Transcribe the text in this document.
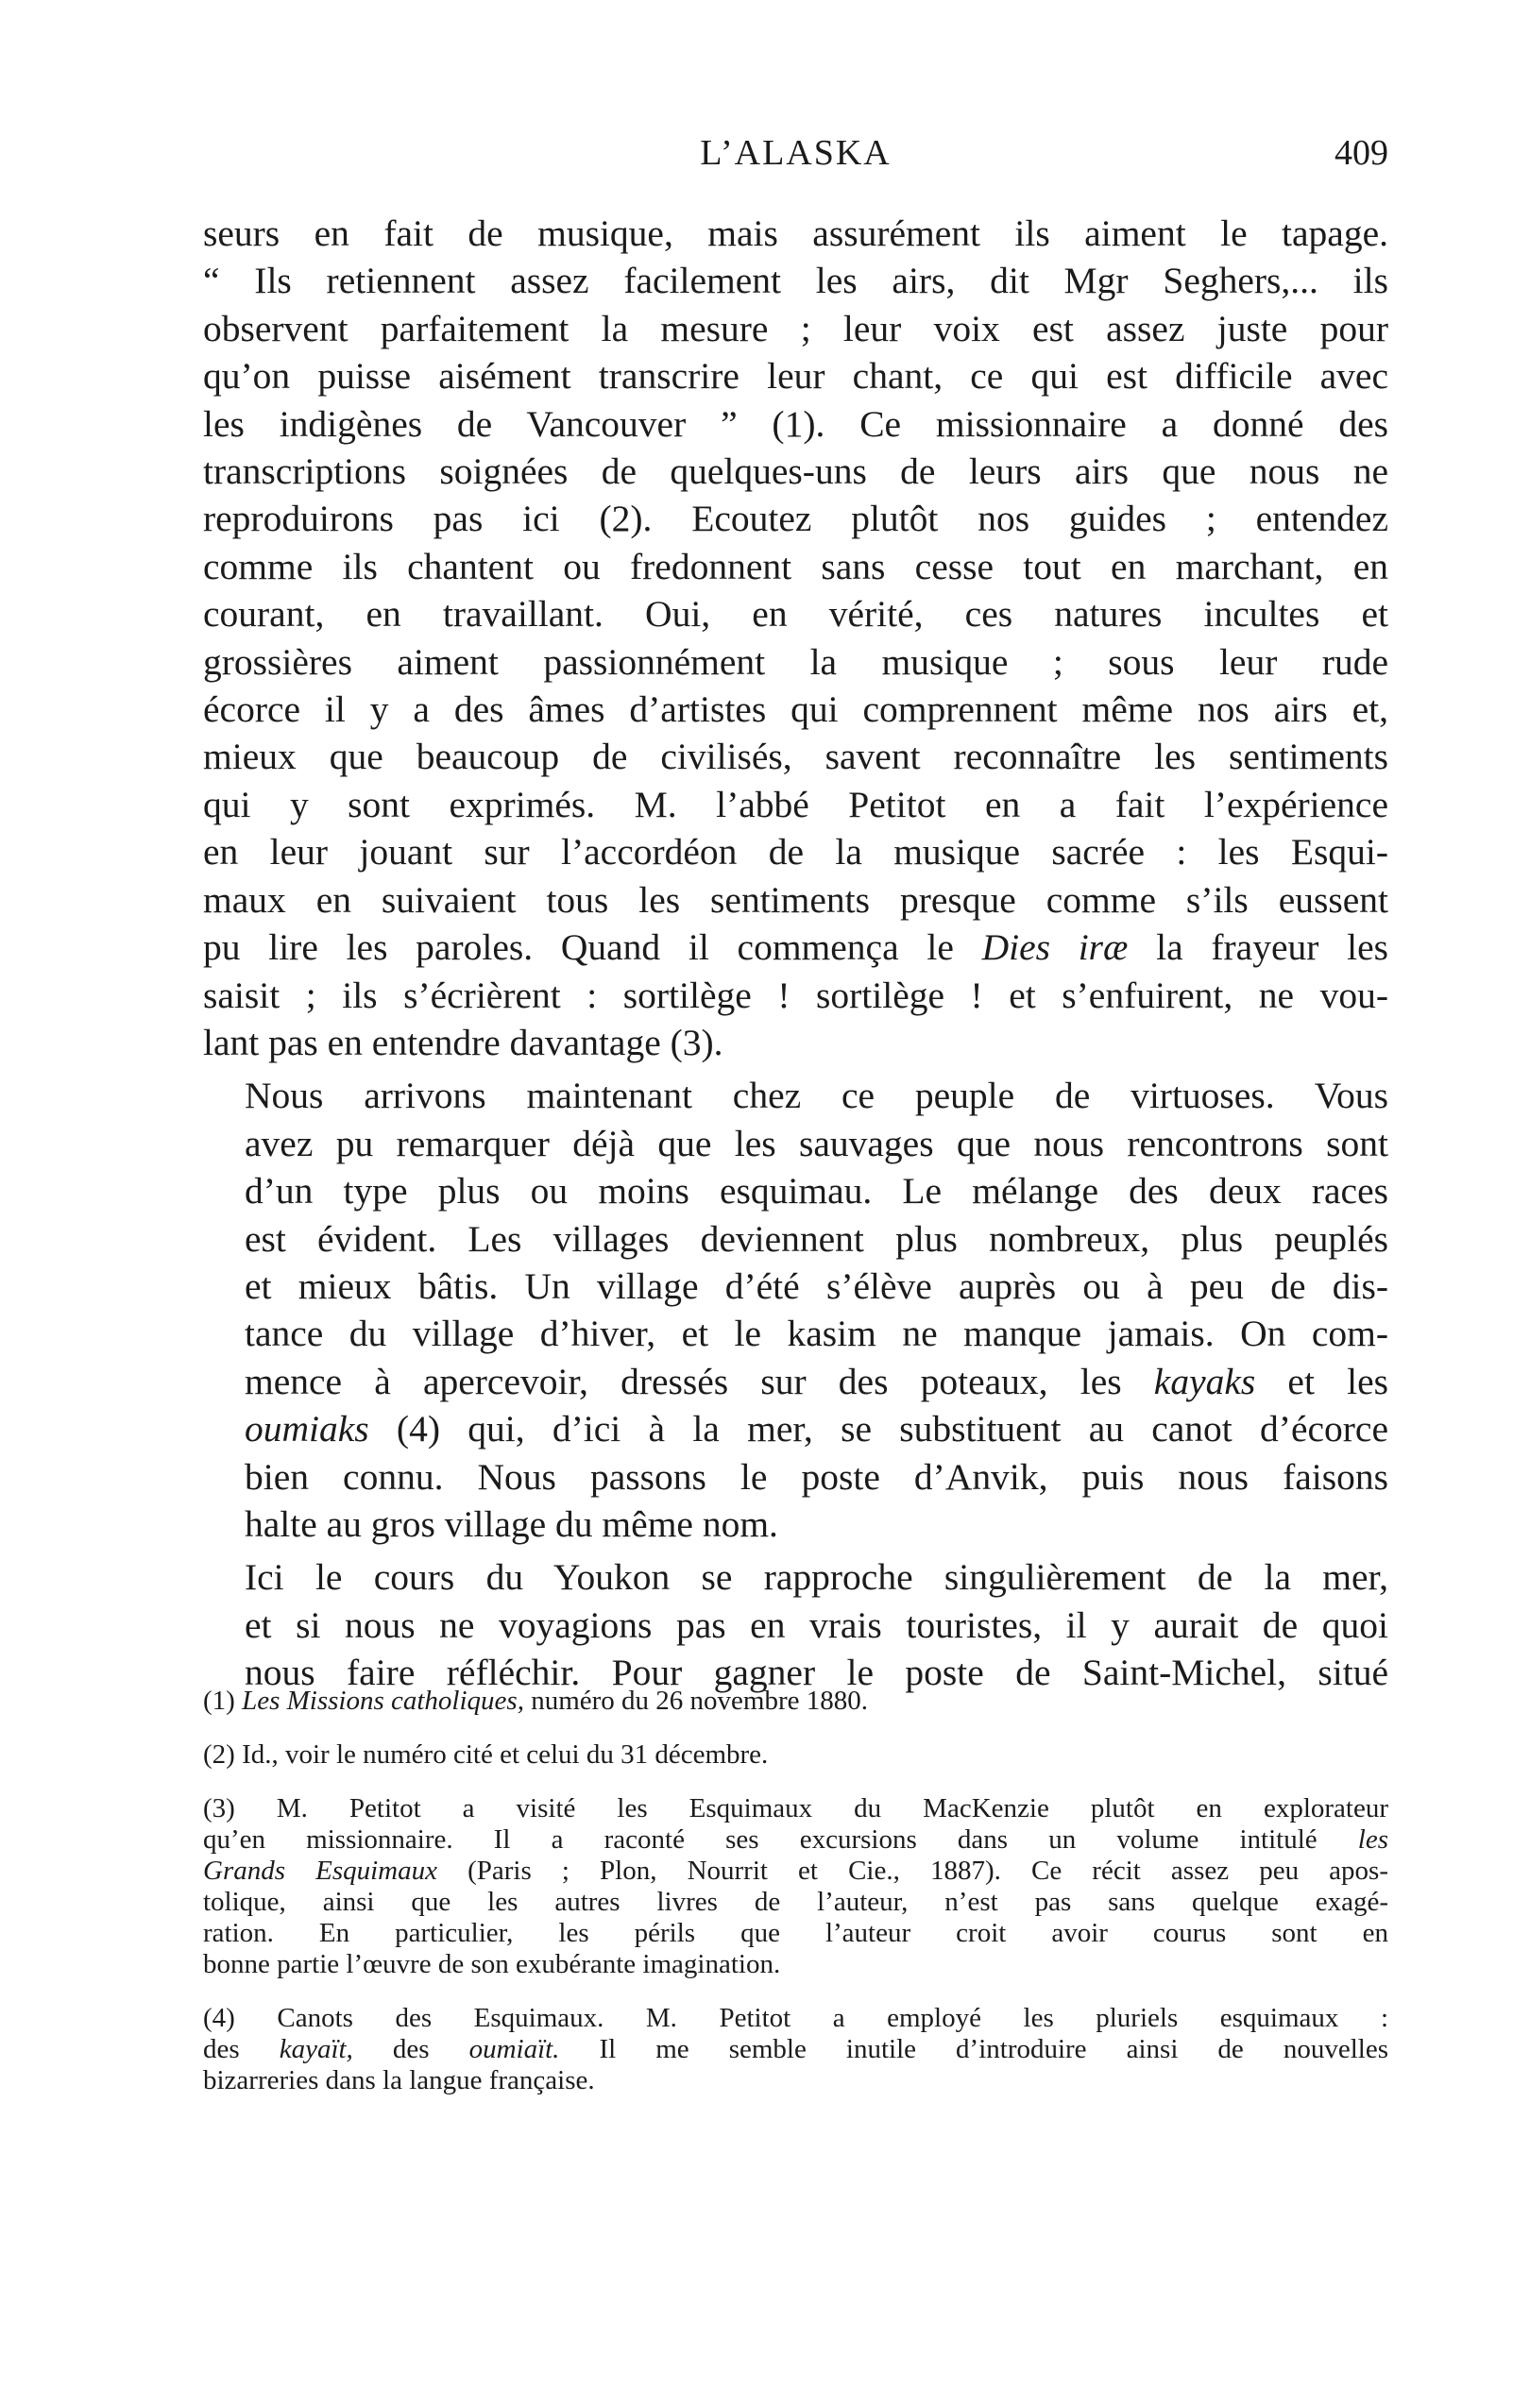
L’ALASKA	409

seurs en fait de musique, mais assurément ils aiment le tapage.
“ Ils retiennent assez facilement les airs, dit Mgr Seghers,... ils
observent parfaitement la mesure ; leur voix est assez juste pour
qu’on puisse aisément transcrire leur chant, ce qui est difficile avec
les indigènes de Vancouver ” (1). Ce missionnaire a donné des
transcriptions soignées de quelques-uns de leurs airs que nous ne
reproduirons pas ici (2). Ecoutez plutôt nos guides ; entendez
comme ils chantent ou fredonnent sans cesse tout en marchant, en
courant, en travaillant. Oui, en vérité, ces natures incultes et
grossières aiment passionnément la musique ; sous leur rude
écorce il y a des âmes d’artistes qui comprennent même nos airs et,
mieux que beaucoup de civilisés, savent reconnaître les sentiments
qui y sont exprimés. M. l’abbé Petitot en a fait l’expérience
en leur jouant sur l’accordéon de la musique sacrée : les Esqui-
maux en suivaient tous les sentiments presque comme s’ils eussent
pu lire les paroles. Quand il commença le Dies iræ la frayeur les
saisit ; ils s’écrièrent : sortilège ! sortilège ! et s’enfuirent, ne vou-
lant pas en entendre davantage (3).

Nous arrivons maintenant chez ce peuple de virtuoses. Vous
avez pu remarquer déjà que les sauvages que nous rencontrons sont
d’un type plus ou moins esquimau. Le mélange des deux races
est évident. Les villages deviennent plus nombreux, plus peuplés
et mieux bâtis. Un village d’été s’élève auprès ou à peu de dis-
tance du village d’hiver, et le kasim ne manque jamais. On com-
mence à apercevoir, dressés sur des poteaux, les kayaks et les
oumiaks (4) qui, d’ici à la mer, se substituent au canot d’écorce
bien connu. Nous passons le poste d’Anvik, puis nous faisons
halte au gros village du même nom.

Ici le cours du Youkon se rapproche singulièrement de la mer,
et si nous ne voyagions pas en vrais touristes, il y aurait de quoi
nous faire réfléchir. Pour gagner le poste de Saint-Michel, situé

(1) Les Missions catholiques, numéro du 26 novembre 1880.

(2) Id., voir le numéro cité et celui du 31 décembre.

(3) M. Petitot a visité les Esquimaux du MacKenzie plutôt en explorateur
qu’en missionnaire. Il a raconté ses excursions dans un volume intitulé les
Grands Esquimaux (Paris ; Plon, Nourrit et Cie., 1887). Ce récit assez peu apos-
tolique, ainsi que les autres livres de l’auteur, n’est pas sans quelque exagé-
ration. En particulier, les périls que l’auteur croit avoir courus sont en
bonne partie l’œuvre de son exubérante imagination.

(4) Canots des Esquimaux. M. Petitot a employé les pluriels esquimaux :
des kayaït, des oumiaït. Il me semble inutile d’introduire ainsi de nouvelles
bizarreries dans la langue française.
